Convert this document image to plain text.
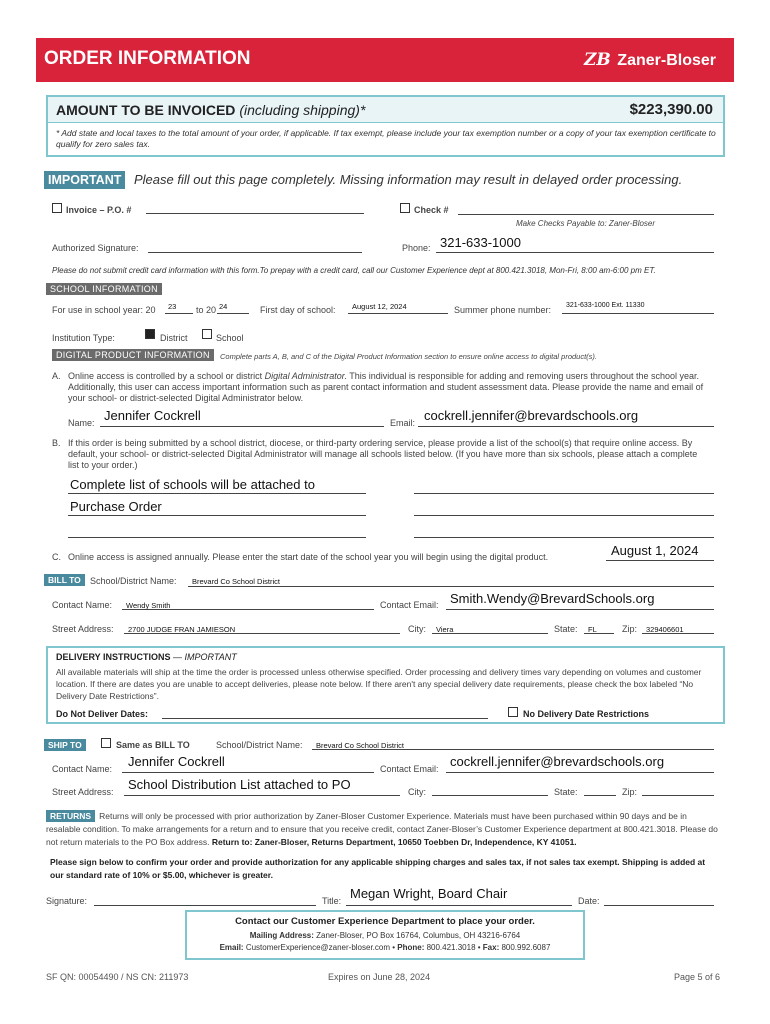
ORDER INFORMATION	ZB Zaner-Bloser
AMOUNT TO BE INVOICED (including shipping)*	$223,390.00
* Add state and local taxes to the total amount of your order, if applicable. If tax exempt, please include your tax exemption number or a copy of your tax exemption certificate to qualify for zero sales tax.
IMPORTANT Please fill out this page completely. Missing information may result in delayed order processing.
Invoice – P.O. #	Check #
Make Checks Payable to: Zaner-Bloser
Authorized Signature:	Phone: 321-633-1000
Please do not submit credit card information with this form.To prepay with a credit card, call our Customer Experience dept at 800.421.3018, Mon-Fri, 8:00 am-6:00 pm ET.
SCHOOL INFORMATION
For use in school year: 20 23 to 20 24	First day of school: August 12, 2024	Summer phone number: 321-633-1000 Ext. 11330
Institution Type:	District	School
DIGITAL PRODUCT INFORMATION	Complete parts A, B, and C of the Digital Product Information section to ensure online access to digital product(s).
A. Online access is controlled by a school or district Digital Administrator. This individual is responsible for adding and removing users throughout the school year. Additionally, this user can access important information such as parent contact information and student assessment data. Please provide the name and email of your school- or district-selected Digital Administrator below.
Name: Jennifer Cockrell	Email: cockrell.jennifer@brevardschools.org
B. If this order is being submitted by a school district, diocese, or third-party ordering service, please provide a list of the school(s) that require online access. By default, your school- or district-selected Digital Administrator will manage all schools listed below. (If you have more than six schools, please attach a complete list to your order.)
Complete list of schools will be attached to
Purchase Order
C. Online access is assigned annually. Please enter the start date of the school year you will begin using the digital product.	August 1, 2024
BILL TO	School/District Name: Brevard Co School District
Contact Name: Wendy Smith	Contact Email: Smith.Wendy@BrevardSchools.org
Street Address: 2700 JUDGE FRAN JAMIESON	City: Viera	State: FL	Zip: 329406601
DELIVERY INSTRUCTIONS — IMPORTANT
All available materials will ship at the time the order is processed unless otherwise specified. Order processing and delivery times vary depending on volumes and customer location. If there are dates you are unable to accept deliveries, please note below. If there aren't any special delivery date requirements, please check the box labeled “No Delivery Date Restrictions”.
Do Not Deliver Dates:	No Delivery Date Restrictions
SHIP TO	Same as BILL TO	School/District Name: Brevard Co School District
Contact Name: Jennifer Cockrell	Contact Email: cockrell.jennifer@brevardschools.org
Street Address: School Distribution List attached to PO	City:	State:	Zip:
RETURNS Returns will only be processed with prior authorization by Zaner-Bloser Customer Experience. Materials must have been purchased within 90 days and be in resalable condition. To make arrangements for a return and to ensure that you receive credit, contact Zaner-Bloser’s Customer Experience department at 800.421.3018. Please do not return materials to the PO Box address. Return to: Zaner-Bloser, Returns Department, 10650 Toebben Dr, Independence, KY 41051.
Please sign below to confirm your order and provide authorization for any applicable shipping charges and sales tax, if not sales tax exempt. Shipping is added at our standard rate of 10% or $5.00, whichever is greater.
Signature:	Title: Megan Wright, Board Chair	Date:
Contact our Customer Experience Department to place your order.
Mailing Address: Zaner-Bloser, PO Box 16764, Columbus, OH 43216-6764
Email: CustomerExperience@zaner-bloser.com • Phone: 800.421.3018 • Fax: 800.992.6087
SF QN: 00054490 / NS CN: 211973	Expires on June 28, 2024	Page 5 of 6
